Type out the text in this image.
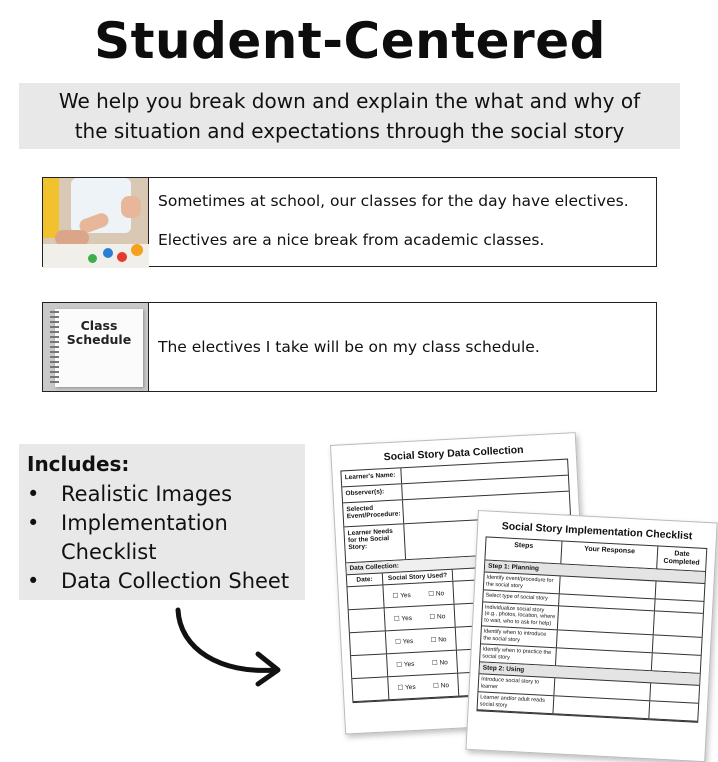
Student-Centered
We help you break down and explain the what and why of
the situation and expectations through the social story
Sometimes at school, our classes for the day have electives.
Electives are a nice break from academic classes.
Class
Schedule	The electives I take will be on my class schedule.
Includes:
• Realistic Images
• Implementation Checklist
• Data Collection Sheet
Social Story Data Collection
Learner's Name:
Observer(s):
Selected Event/Procedure:
Learner Needs for the Social Story:
Data Collection:
Date:	Social Story Used?
☐ Yes	☐ No
☐ Yes	☐ No
☐ Yes	☐ No
☐ Yes	☐ No
☐ Yes	☐ No
Social Story Implementation Checklist
Steps	Your Response	Date Completed
Step 1: Planning
Identify event/procedure for the social story
Select type of social story
Individualize social story (e.g., photos, location, where to wait, who to ask for help)
Identify when to introduce the social story
Identify when to practice the social story
Step 2: Using
Introduce social story to learner
Learner and/or adult reads social story
